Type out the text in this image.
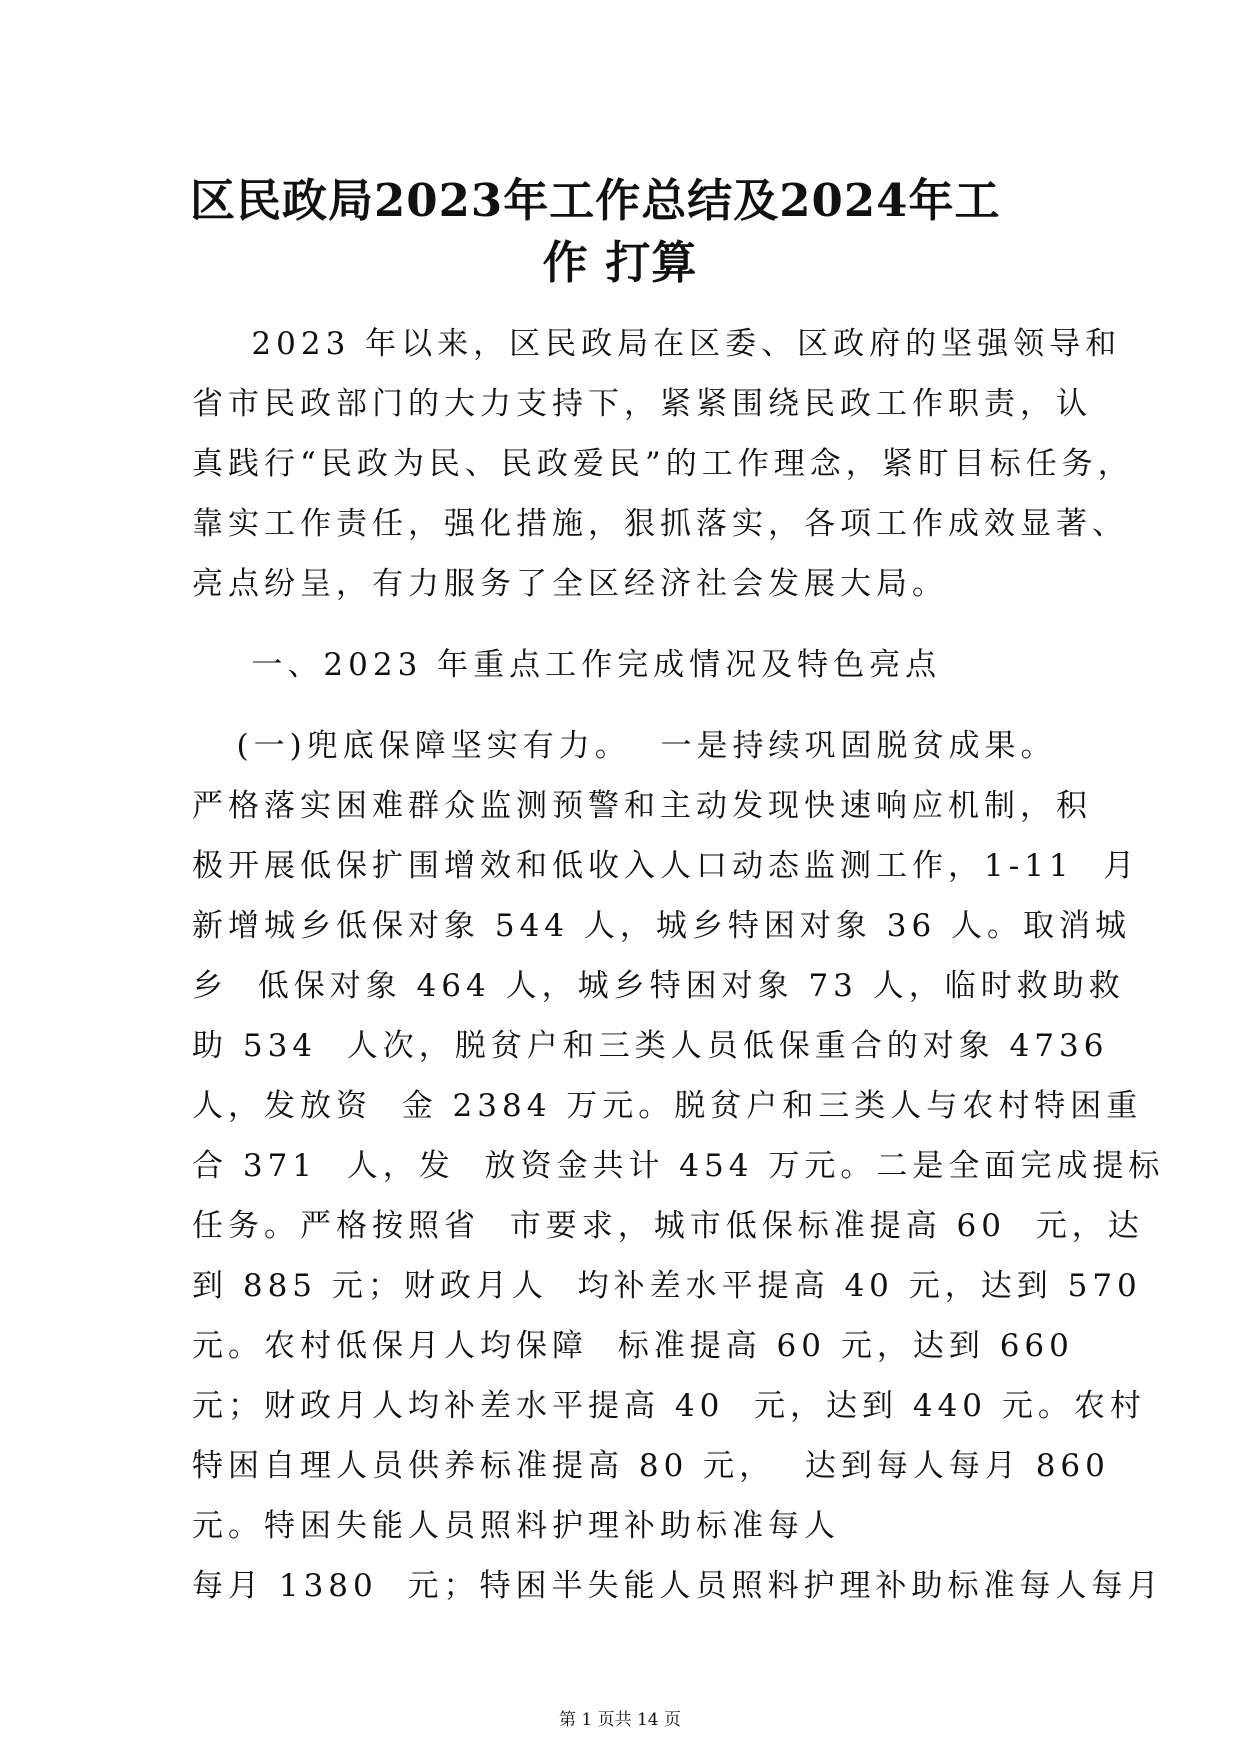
区民政局2023年工作总结及2024年工
作 打算
2023 年以来，区民政局在区委、区政府的坚强领导和
省市民政部门的大力支持下，紧紧围绕民政工作职责，认
真践行“民政为民、民政爱民”的工作理念，紧盯目标任务，
靠实工作责任，强化措施，狠抓落实，各项工作成效显著、
亮点纷呈，有力服务了全区经济社会发展大局。
一、2023 年重点工作完成情况及特色亮点
(一)兜底保障坚实有力。  一是持续巩固脱贫成果。
严格落实困难群众监测预警和主动发现快速响应机制，积
极开展低保扩围增效和低收入人口动态监测工作，1-11  月
新增城乡低保对象 544 人，城乡特困对象 36 人。取消城
乡  低保对象 464 人，城乡特困对象 73 人，临时救助救
助 534  人次，脱贫户和三类人员低保重合的对象 4736
人，发放资  金 2384 万元。脱贫户和三类人与农村特困重
合 371  人，发  放资金共计 454 万元。二是全面完成提标
任务。严格按照省  市要求，城市低保标准提高 60  元，达
到 885 元；财政月人  均补差水平提高 40 元，达到 570
元。农村低保月人均保障  标准提高 60 元，达到 660
元；财政月人均补差水平提高 40  元，达到 440 元。农村
特困自理人员供养标准提高 80 元，  达到每人每月 860
元。特困失能人员照料护理补助标准每人
每月 1380  元；特困半失能人员照料护理补助标准每人每月
第 1 页共 14 页
